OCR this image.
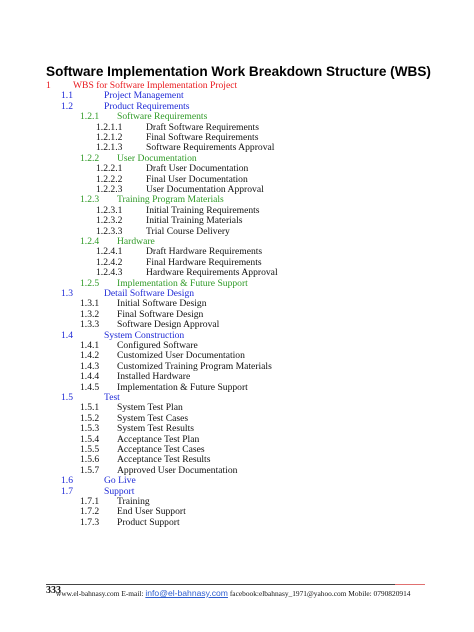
Software Implementation Work Breakdown Structure (WBS)
1 WBS for Software Implementation Project
1.1	Project Management
1.2	Product Requirements
1.2.1 Software Requirements
1.2.1.1 Draft Software Requirements
1.2.1.2 Final Software Requirements
1.2.1.3 Software Requirements Approval
1.2.2 User Documentation
1.2.2.1 Draft User Documentation
1.2.2.2 Final User Documentation
1.2.2.3 User Documentation Approval
1.2.3 Training Program Materials
1.2.3.1 Initial Training Requirements
1.2.3.2 Initial Training Materials
1.2.3.3 Trial Course Delivery
1.2.4 Hardware
1.2.4.1 Draft Hardware Requirements
1.2.4.2 Final Hardware Requirements
1.2.4.3 Hardware Requirements Approval
1.2.5 Implementation & Future Support
1.3	Detail Software Design
1.3.1 Initial Software Design
1.3.2 Final Software Design
1.3.3 Software Design Approval
1.4	System Construction
1.4.1 Configured Software
1.4.2 Customized User Documentation
1.4.3 Customized Training Program Materials
1.4.4 Installed Hardware
1.4.5 Implementation & Future Support
1.5	Test
1.5.1 System Test Plan
1.5.2 System Test Cases
1.5.3 System Test Results
1.5.4 Acceptance Test Plan
1.5.5 Acceptance Test Cases
1.5.6 Acceptance Test Results
1.5.7 Approved User Documentation
1.6	Go Live
1.7	Support
1.7.1 Training
1.7.2 End User Support
1.7.3 Product Support
333
www.el-bahnasy.com E-mail: info@el-bahnasy.com facebook:elbahnasy_1971@yahoo.com Mobile: 0790820914
